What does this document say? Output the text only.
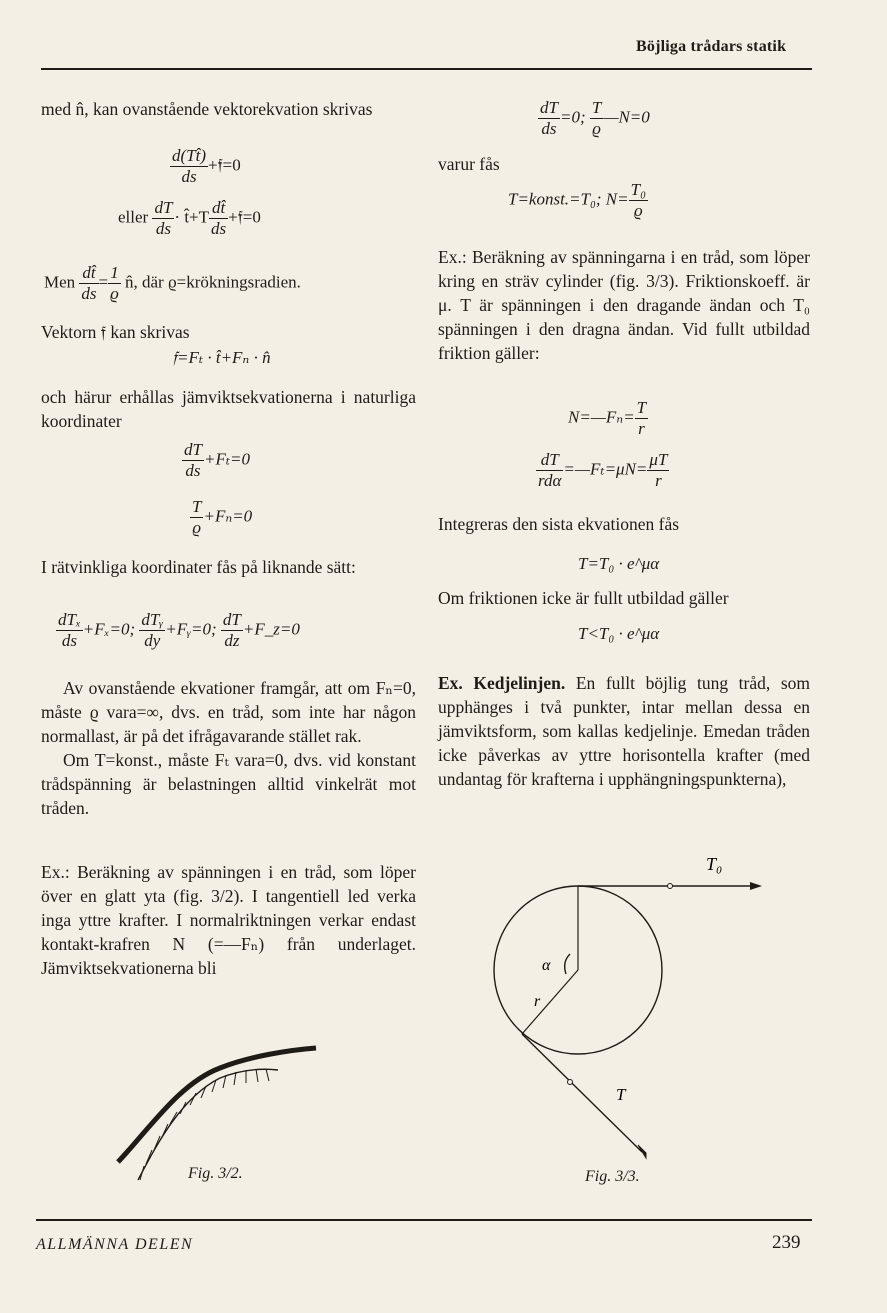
Böjliga trådars statik

med n̂, kan ovanstående vektorekvation skrivas

$\frac{d(Tt̂)}{ds}$ +𝔣=0
eller $\frac{dT}{ds}$ · t̂+T $\frac{dt̂}{ds}$ +𝔣=0
Men $\frac{dt̂}{ds} = \frac{1}{ϱ}$ n̂, där ϱ=krökningsradien.

Vektorn 𝔣 kan skrivas

𝔣=Fₜ · t̂+Fₙ · n̂

och härur erhållas jämviktsekvationerna i naturliga koordinater

$\frac{dT}{ds} +F_t=0$
$\frac{T}{ϱ} +F_n=0$

I rätvinkliga koordinater fås på liknande sätt:

$\frac{\text{dTₓ}}{ds} +F_x=0$; $\frac{\text{dTᵧ}}{dy}$ +Fᵧ=0; $\frac{dT}{dz}$ +F_z=0

Av ovanstående ekvationer framgår, att om Fₙ=0, måste ϱ vara=∞, dvs. en tråd, som inte har någon normallast, är på det ifrågavarande stället rak.

Om T=konst., måste Fₜ vara=0, dvs. vid konstant trådspänning är belastningen alltid vinkelrät mot tråden.

Ex.: Beräkning av spänningen i en tråd, som löper över en glatt yta (fig. 3/2). I tangentiell led verka inga yttre krafter. I normalriktningen verkar endast kontakt-krafren N (=—Fₙ) från underlaget. Jämviktsekvationerna bli

Fig. 3/2.
$\frac{dT}{ds} =0$; $\frac{T}{ϱ}$ —N=0

varur fås

T=konst.=T₀; $N= \frac{\text{T₀}}{ϱ}$

Ex.: Beräkning av spänningarna i en tråd, som löper kring en sträv cylinder (fig. 3/3). Friktionskoeff. är μ. T är spänningen i den dragande ändan och T₀ spänningen i den dragna ändan. Vid fullt utbildad friktion gäller:

N=—Fₙ= $\frac{T}{r}$
$\frac{dT}{\text{rdα}}$ =—Fₜ=μN= $\frac{\mu T}{r}$

Integreras den sista ekvationen fås

T=T₀ · e^μα

Om friktionen icke är fullt utbildad gäller

T<T₀ · e^μα

Ex. Kedjelinjen. En fullt böjlig tung tråd, som upphänges i två punkter, intar mellan dessa en jämviktsform, som kallas kedjelinje. Emedan tråden icke påverkas av yttre horisontella krafter (med undantag för krafterna i upphängningspunkterna),

T₀
T
α
r
Fig. 3/3.
ALLMÄNNA DELEN	239
